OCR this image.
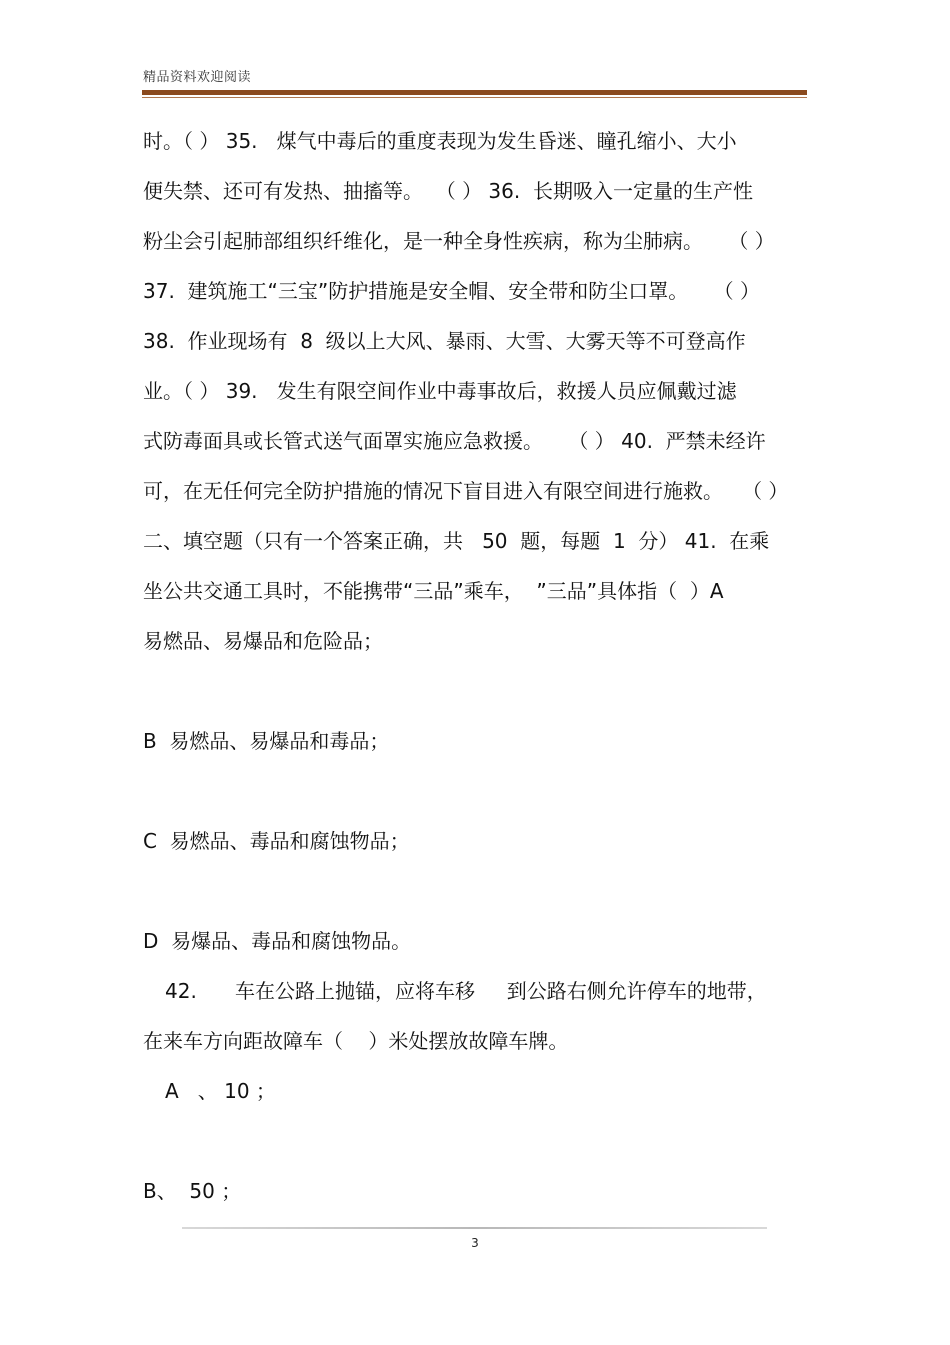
精品资料欢迎阅读
时。（ ） 35.   煤气中毒后的重度表现为发生昏迷、瞳孔缩小、大小
便失禁、还可有发热、抽搐等。  （ ） 36.  长期吸入一定量的生产性
粉尘会引起肺部组织纤维化，是一种全身性疾病，称为尘肺病。    （ ）
37.  建筑施工“三宝”防护措施是安全帽、安全带和防尘口罩。    （ ）
38.  作业现场有  8  级以上大风、暴雨、大雪、大雾天等不可登高作
业。（ ） 39.   发生有限空间作业中毒事故后，救援人员应佩戴过滤
式防毒面具或长管式送气面罩实施应急救援。    （ ） 40.  严禁未经许
可，在无任何完全防护措施的情况下盲目进入有限空间进行施救。   （ ）
二、填空题（只有一个答案正确，共   50  题，每题  1  分） 41.  在乘
坐公共交通工具时，不能携带“三品”乘车，  ”三品”具体指（  ）A
易燃品、易爆品和危险品；
B  易燃品、易爆品和毒品；
C  易燃品、毒品和腐蚀物品；
D  易爆品、毒品和腐蚀物品。
42.      车在公路上抛锚，应将车移     到公路右侧允许停车的地带，
在来车方向距故障车（    ）米处摆放故障车牌。
A   、 10 ；
B、  50 ；
3
